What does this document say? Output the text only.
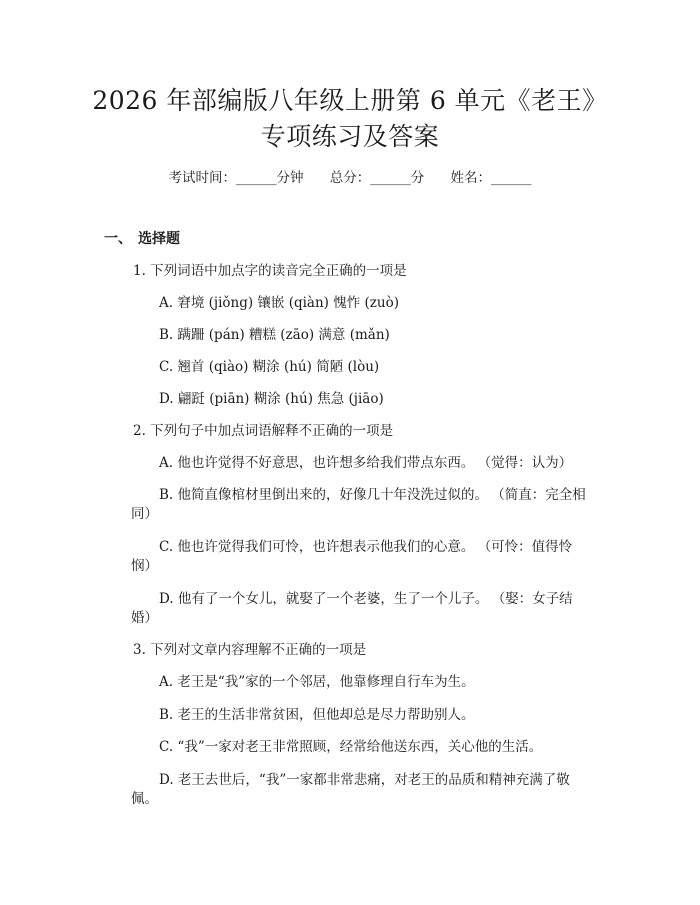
2026 年部编版八年级上册第 6 单元《老王》
专项练习及答案
考试时间：______分钟 总分：______分 姓名：______
一、 选择题
1. 下列词语中加点字的读音完全正确的一项是
A. 窘境 (jiǒng) 镶嵌 (qiàn) 愧怍 (zuò)
B. 蹒跚 (pán) 糟糕 (zāo) 满意 (mǎn)
C. 翘首 (qiào) 糊涂 (hú) 简陋 (lòu)
D. 翩跹 (piān) 糊涂 (hú) 焦急 (jiāo)
2. 下列句子中加点词语解释不正确的一项是
A. 他也许觉得不好意思，也许想多给我们带点东西。 （觉得：认为）
B. 他简直像棺材里倒出来的，好像几十年没洗过似的。 （简直：完全相
同）
C. 他也许觉得我们可怜，也许想表示他我们的心意。 （可怜：值得怜
悯）
D. 他有了一个女儿，就娶了一个老婆，生了一个儿子。 （娶：女子结
婚）
3. 下列对文章内容理解不正确的一项是
A. 老王是“我”家的一个邻居，他靠修理自行车为生。
B. 老王的生活非常贫困，但他却总是尽力帮助别人。
C. “我”一家对老王非常照顾，经常给他送东西，关心他的生活。
D. 老王去世后，“我”一家都非常悲痛，对老王的品质和精神充满了敬
佩。
